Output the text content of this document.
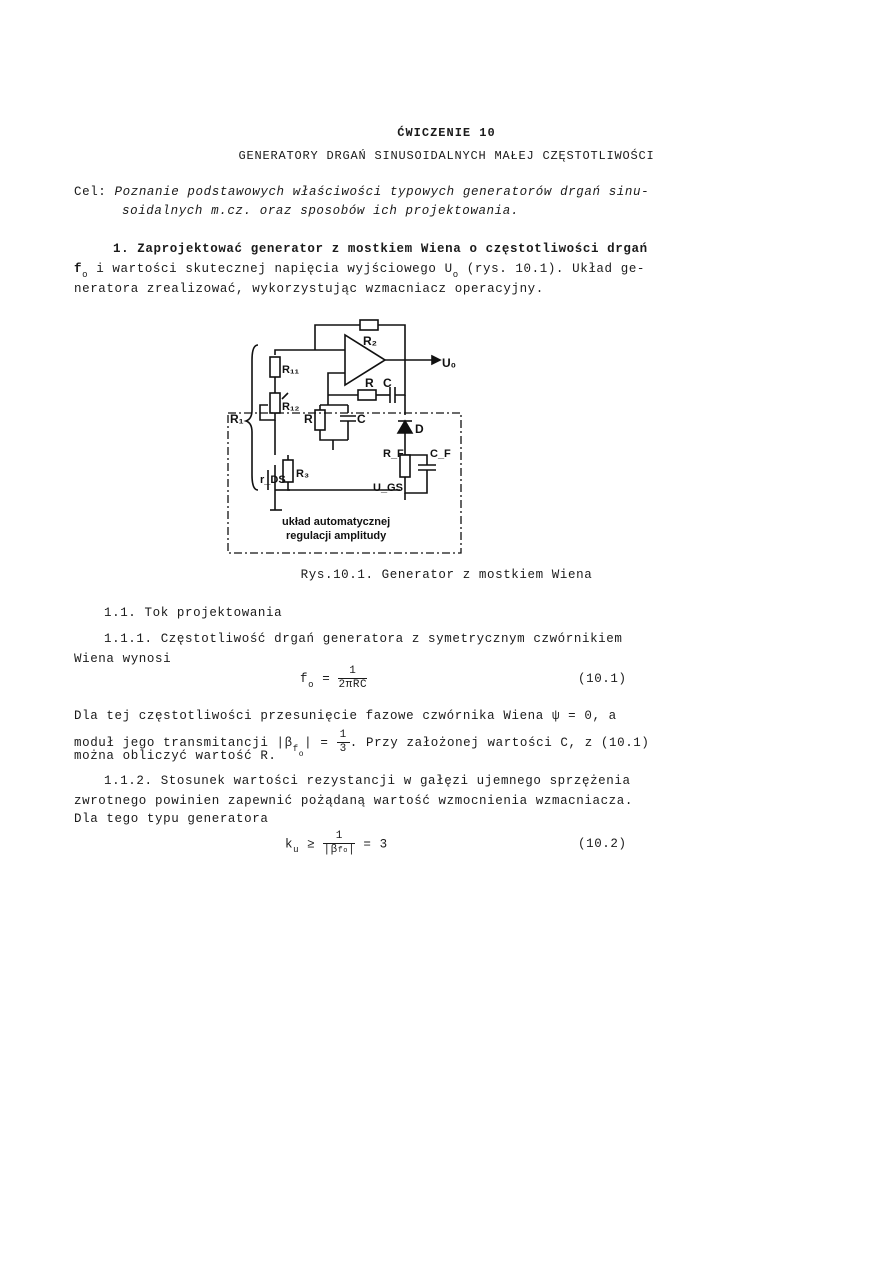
ĆWICZENIE 10
GENERATORY DRGAŃ SINUSOIDALNYCH MAŁEJ CZĘSTOTLIWOŚCI
Cel: Poznanie podstawowych właściwości typowych generatorów drgań sinu-
soidalnych m.cz. oraz sposobów ich projektowania.
1. Zaprojektować generator z mostkiem Wiena o częstotliwości drgań
$f_o$ i wartości skutecznej napięcia wyjściowego $U_o$ (rys. 10.1). Układ ge-
neratora zrealizować, wykorzystując wzmacniacz operacyjny.
R₂
U₀
R₁₁
R₁₂
R₁
R C
R	C
D
R_F C_F
r_DS R₃
U_GS
układ automatycznej
regulacji amplitudy
Rys.10.1. Generator z mostkiem Wiena
1.1. Tok projektowania
1.1.1. Częstotliwość drgań generatora z symetrycznym czwórnikiem
Wiena wynosi
$f_o = \frac{1}{\text{2πRC}}$	(10.1)
Dla tej częstotliwości przesunięcie fazowe czwórnika Wiena ψ = 0, a
moduł jego transmitancji $|\beta_{fo}| = \frac{1}{3}$ . Przy założonej wartości C, z (10.1)
można obliczyć wartość R.
1.1.2. Stosunek wartości rezystancji w gałęzi ujemnego sprzężenia
zwrotnego powinien zapewnić pożądaną wartość wzmocnienia wzmacniacza.
Dla tego typu generatora
$k_u \ge \frac{1}{\text{|βfo|}} = 3$	(10.2)
